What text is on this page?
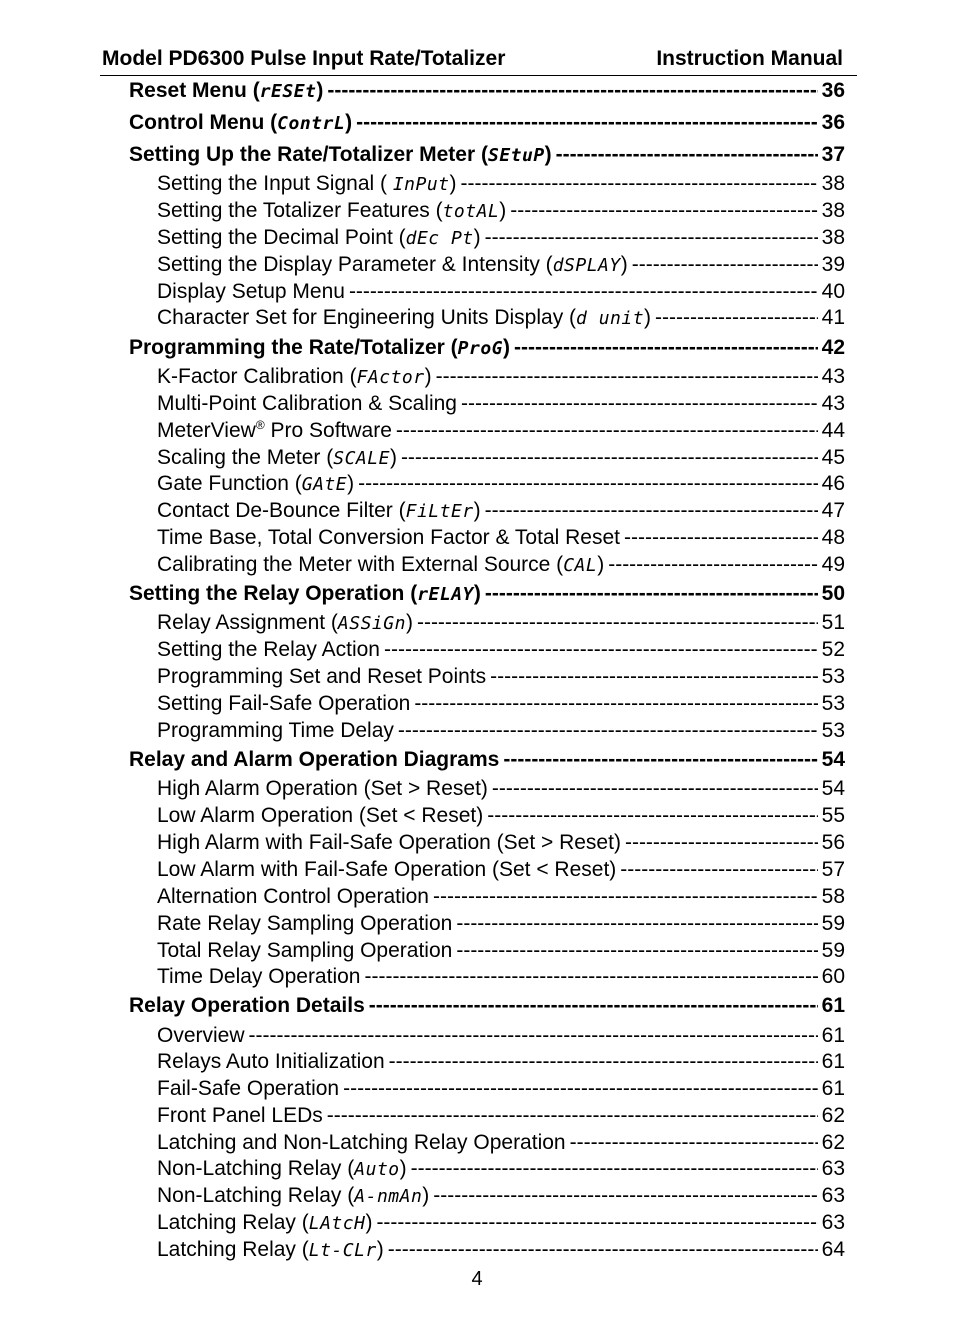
Model PD6300 Pulse Input Rate/Totalizer	Instruction Manual
Reset Menu (rESEt) -----	36
Control Menu (ContrL) -----	36
Setting Up the Rate/Totalizer Meter (SEtuP) -----	37
Setting the Input Signal ( InPut) -----	38
Setting the Totalizer Features (totAL) -----	38
Setting the Decimal Point (dEc Pt) -----	38
Setting the Display Parameter & Intensity (dSPLAY) -----	39
Display Setup Menu -----	40
Character Set for Engineering Units Display (d unit) -----	41
Programming the Rate/Totalizer (ProG) -----	42
K-Factor Calibration (FActor) -----	43
Multi-Point Calibration & Scaling -----	43
MeterView® Pro Software -----	44
Scaling the Meter (SCALE) -----	45
Gate Function (GAtE) -----	46
Contact De-Bounce Filter (FiLtEr) -----	47
Time Base, Total Conversion Factor & Total Reset -----	48
Calibrating the Meter with External Source (CAL) -----	49
Setting the Relay Operation (rELAY) -----	50
Relay Assignment (ASSiGn) -----	51
Setting the Relay Action -----	52
Programming Set and Reset Points -----	53
Setting Fail-Safe Operation -----	53
Programming Time Delay -----	53
Relay and Alarm Operation Diagrams -----	54
High Alarm Operation (Set > Reset) -----	54
Low Alarm Operation (Set < Reset) -----	55
High Alarm with Fail-Safe Operation (Set > Reset) -----	56
Low Alarm with Fail-Safe Operation (Set < Reset) -----	57
Alternation Control Operation -----	58
Rate Relay Sampling Operation -----	59
Total Relay Sampling Operation -----	59
Time Delay Operation -----	60
Relay Operation Details -----	61
Overview -----	61
Relays Auto Initialization -----	61
Fail-Safe Operation -----	61
Front Panel LEDs -----	62
Latching and Non-Latching Relay Operation -----	62
Non-Latching Relay (Auto) -----	63
Non-Latching Relay (A-nmAn) -----	63
Latching Relay (LAtcH) -----	63
Latching Relay (Lt-CLr) -----	64
4
